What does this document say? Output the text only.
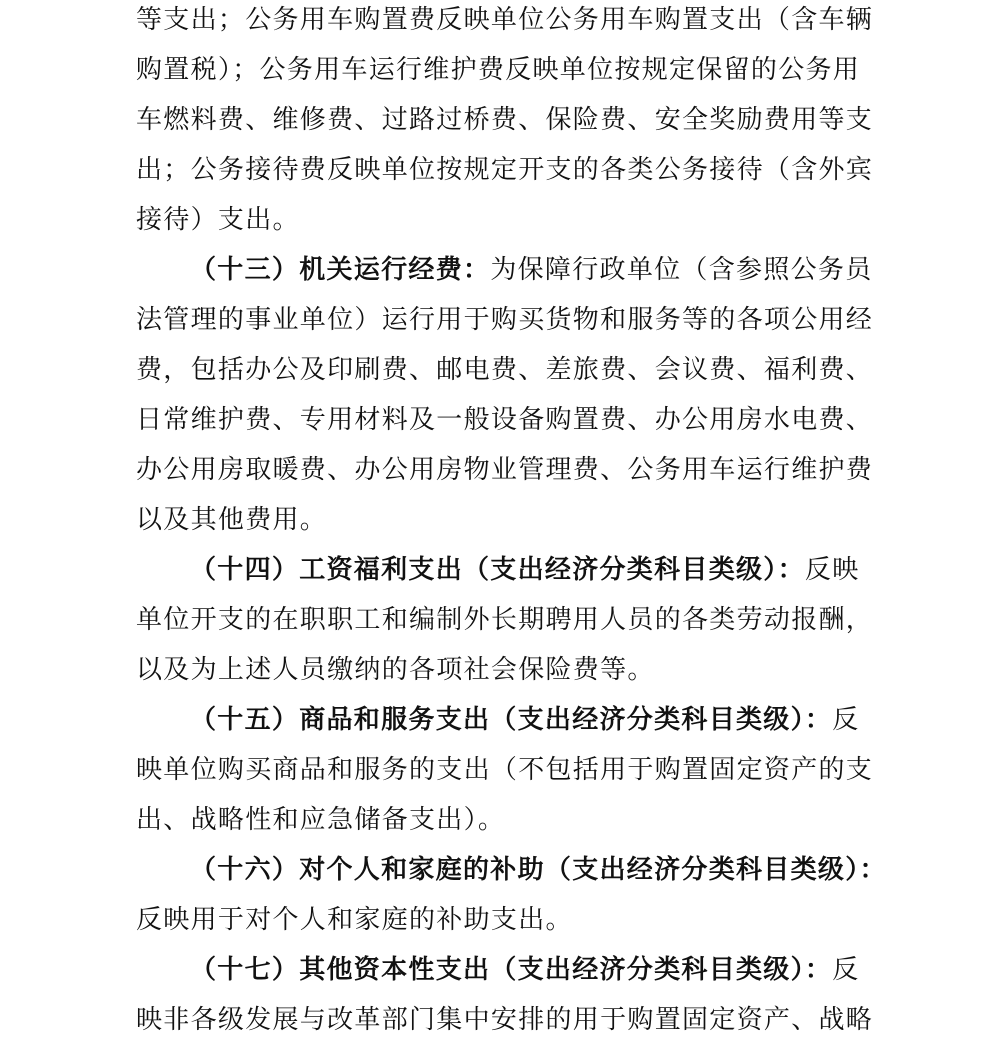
等支出；公务用车购置费反映单位公务用车购置支出（含车辆
购置税）；公务用车运行维护费反映单位按规定保留的公务用
车燃料费、维修费、过路过桥费、保险费、安全奖励费用等支
出；公务接待费反映单位按规定开支的各类公务接待（含外宾
接待）支出。
（十三）机关运行经费：为保障行政单位（含参照公务员
法管理的事业单位）运行用于购买货物和服务等的各项公用经
费，包括办公及印刷费、邮电费、差旅费、会议费、福利费、
日常维护费、专用材料及一般设备购置费、办公用房水电费、
办公用房取暖费、办公用房物业管理费、公务用车运行维护费
以及其他费用。
（十四）工资福利支出（支出经济分类科目类级）：反映
单位开支的在职职工和编制外长期聘用人员的各类劳动报酬，
以及为上述人员缴纳的各项社会保险费等。
（十五）商品和服务支出（支出经济分类科目类级）：反
映单位购买商品和服务的支出（不包括用于购置固定资产的支
出、战略性和应急储备支出）。
（十六）对个人和家庭的补助（支出经济分类科目类级）：
反映用于对个人和家庭的补助支出。
（十七）其他资本性支出（支出经济分类科目类级）：反
映非各级发展与改革部门集中安排的用于购置固定资产、战略
